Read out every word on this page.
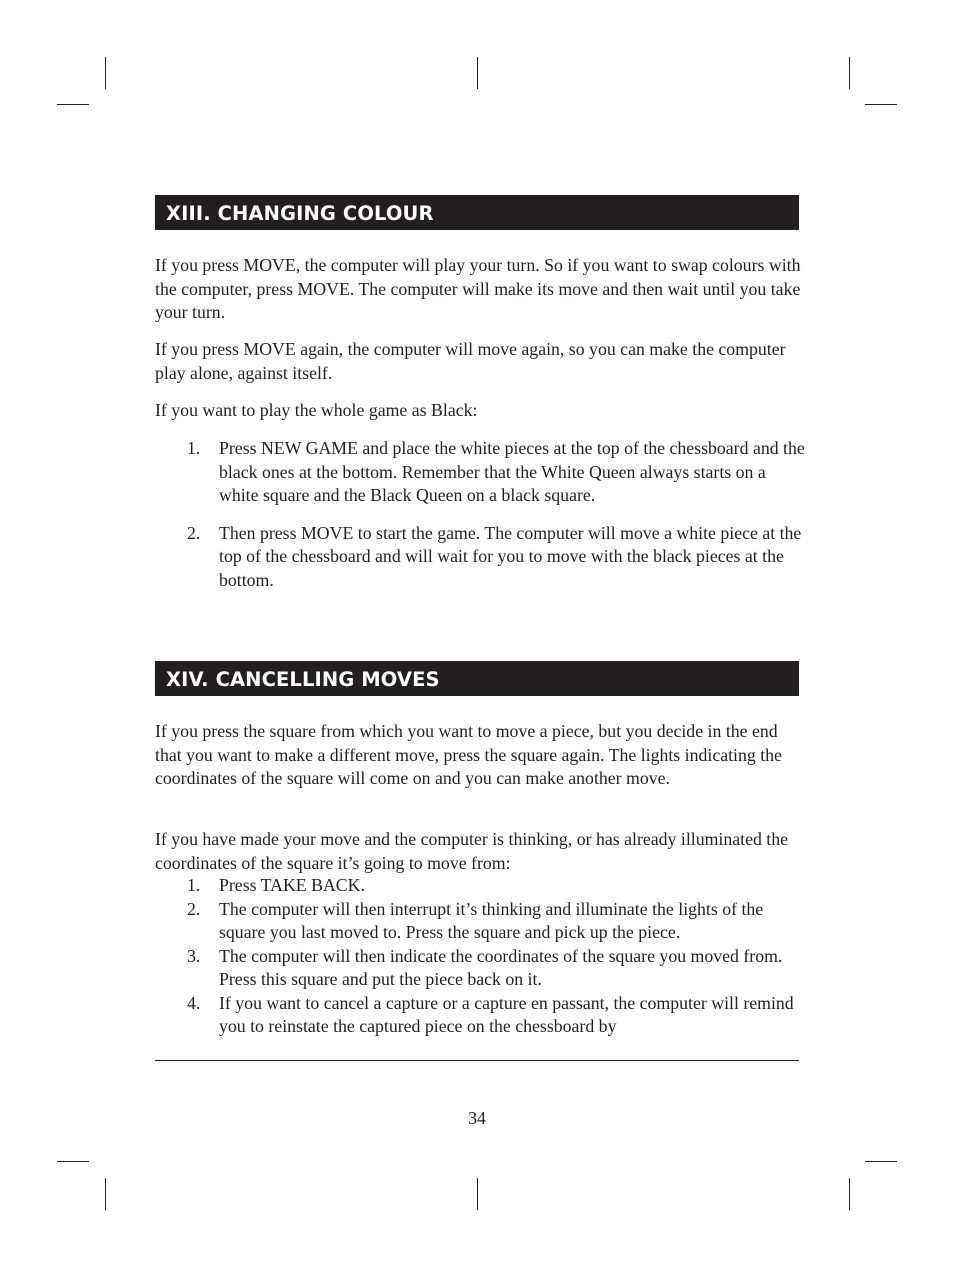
XIII. CHANGING COLOUR

If you press MOVE, the computer will play your turn. So if you want to swap colours with the computer, press MOVE. The computer will make its move and then wait until you take your turn.

If you press MOVE again, the computer will move again, so you can make the computer play alone, against itself.

If you want to play the whole game as Black:

1. Press NEW GAME and place the white pieces at the top of the chessboard and the black ones at the bottom. Remember that the White Queen always starts on a white square and the Black Queen on a black square.
2. Then press MOVE to start the game. The computer will move a white piece at the top of the chessboard and will wait for you to move with the black pieces at the bottom.
XIV. CANCELLING MOVES

If you press the square from which you want to move a piece, but you decide in the end that you want to make a different move, press the square again. The lights indicating the coordinates of the square will come on and you can make another move.

If you have made your move and the computer is thinking, or has already illuminated the coordinates of the square it’s going to move from:

1. Press TAKE BACK.
2. The computer will then interrupt it’s thinking and illuminate the lights of the square you last moved to. Press the square and pick up the piece.
3. The computer will then indicate the coordinates of the square you moved from. Press this square and put the piece back on it.
4. If you want to cancel a capture or a capture en passant, the computer will remind you to reinstate the captured piece on the chessboard by
34
